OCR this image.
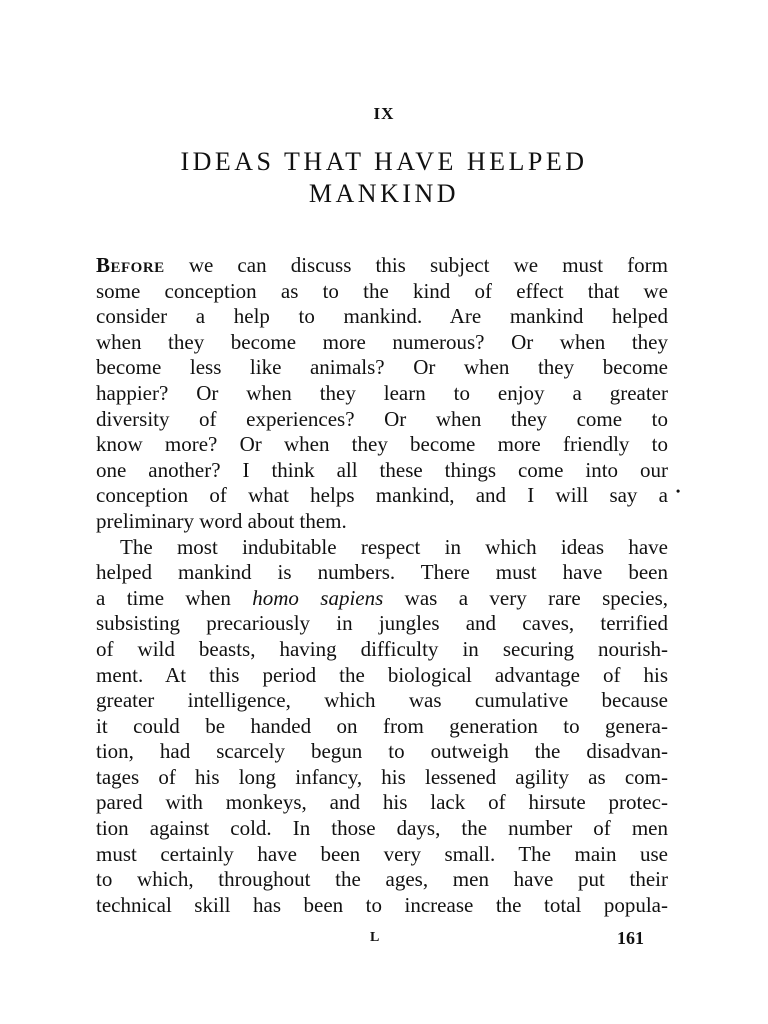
IX
IDEAS THAT HAVE HELPED
MANKIND
Before we can discuss this subject we must form
some conception as to the kind of effect that we
consider a help to mankind. Are mankind helped
when they become more numerous? Or when they
become less like animals? Or when they become
happier? Or when they learn to enjoy a greater
diversity of experiences? Or when they come to
know more? Or when they become more friendly to
one another? I think all these things come into our
conception of what helps mankind, and I will say a
preliminary word about them.
The most indubitable respect in which ideas have
helped mankind is numbers. There must have been
a time when homo sapiens was a very rare species,
subsisting precariously in jungles and caves, terrified
of wild beasts, having difficulty in securing nourish-
ment. At this period the biological advantage of his
greater intelligence, which was cumulative because
it could be handed on from generation to genera-
tion, had scarcely begun to outweigh the disadvan-
tages of his long infancy, his lessened agility as com-
pared with monkeys, and his lack of hirsute protec-
tion against cold. In those days, the number of men
must certainly have been very small. The main use
to which, throughout the ages, men have put their
technical skill has been to increase the total popula-
•
L	161
